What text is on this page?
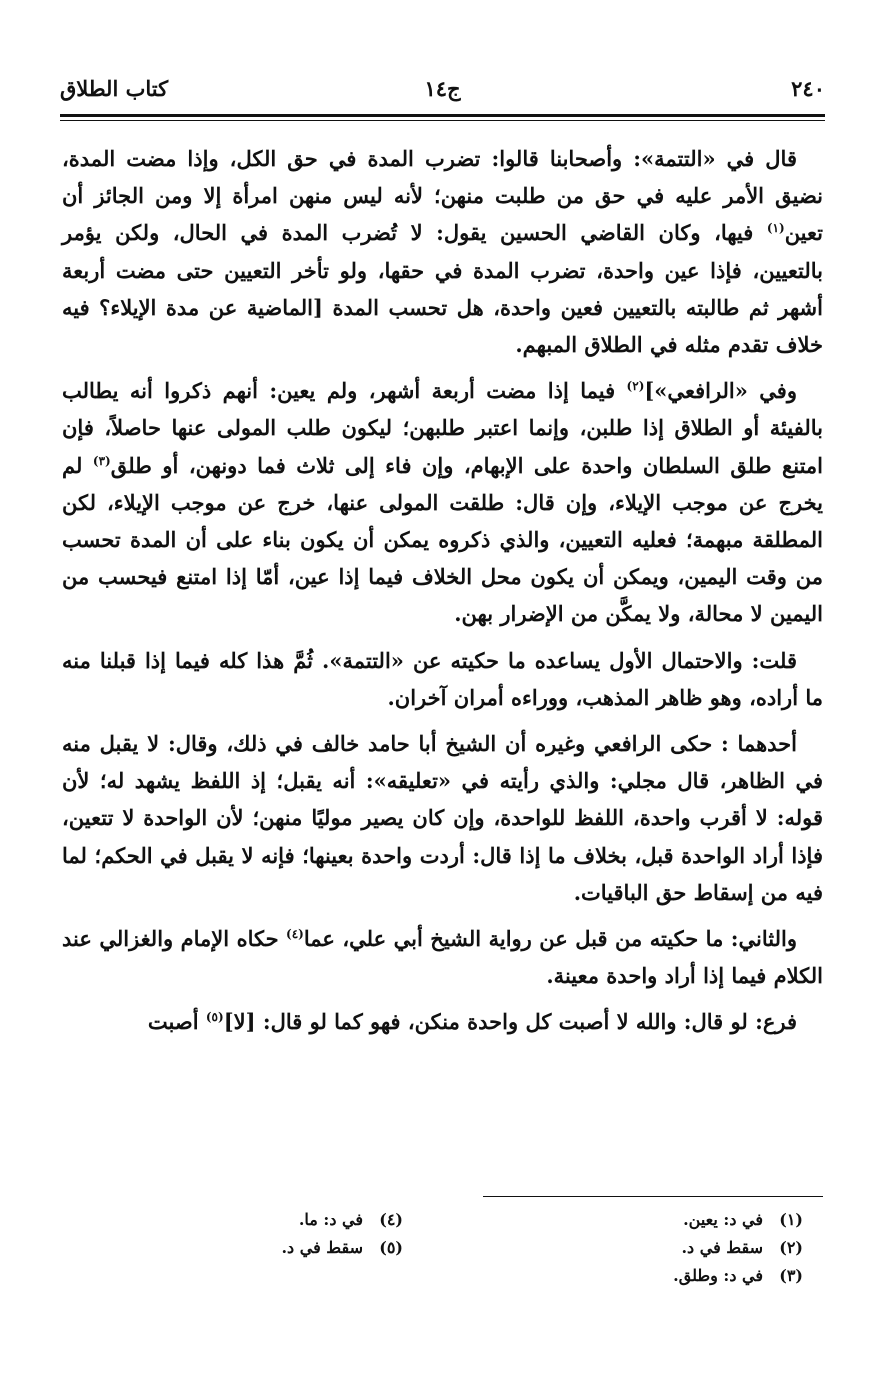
٢٤٠
ج١٤
كتاب الطلاق

قال في «التتمة»: وأصحابنا قالوا: تضرب المدة في حق الكل، وإذا مضت المدة، نضيق الأمر عليه في حق من طلبت منهن؛ لأنه ليس منهن امرأة إلا ومن الجائز أن تعين$^{(١)}$ فيها، وكان القاضي الحسين يقول: لا تُضرب المدة في الحال، ولكن يؤمر بالتعيين، فإذا عين واحدة، تضرب المدة في حقها، ولو تأخر التعيين حتى مضت أربعة أشهر ثم طالبته بالتعيين فعين واحدة، هل تحسب المدة [الماضية عن مدة الإيلاء؟ فيه خلاف تقدم مثله في الطلاق المبهم.

وفي «الرافعي»]$^{(٢)}$ فيما إذا مضت أربعة أشهر، ولم يعين: أنهم ذكروا أنه يطالب بالفيئة أو الطلاق إذا طلبن، وإنما اعتبر طلبهن؛ ليكون طلب المولى عنها حاصلاً، فإن امتنع طلق السلطان واحدة على الإبهام، وإن فاء إلى ثلاث فما دونهن، أو طلق$^{(٣)}$ لم يخرج عن موجب الإيلاء، وإن قال: طلقت المولى عنها، خرج عن موجب الإيلاء، لكن المطلقة مبهمة؛ فعليه التعيين، والذي ذكروه يمكن أن يكون بناء على أن المدة تحسب من وقت اليمين، ويمكن أن يكون محل الخلاف فيما إذا عين، أمّا إذا امتنع فيحسب من اليمين لا محالة، ولا يمكَّن من الإضرار بهن.

قلت: والاحتمال الأول يساعده ما حكيته عن «التتمة». ثُمَّ هذا كله فيما إذا قبلنا منه ما أراده، وهو ظاهر المذهب، ووراءه أمران آخران.

أحدهما : حكى الرافعي وغيره أن الشيخ أبا حامد خالف في ذلك، وقال: لا يقبل منه في الظاهر، قال مجلي: والذي رأيته في «تعليقه»: أنه يقبل؛ إذ اللفظ يشهد له؛ لأن قوله: لا أقرب واحدة، اللفظ للواحدة، وإن كان يصير موليًا منهن؛ لأن الواحدة لا تتعين، فإذا أراد الواحدة قبل، بخلاف ما إذا قال: أردت واحدة بعينها؛ فإنه لا يقبل في الحكم؛ لما فيه من إسقاط حق الباقيات.

والثاني: ما حكيته من قبل عن رواية الشيخ أبي علي، عما$^{(٤)}$ حكاه الإمام والغزالي عند الكلام فيما إذا أراد واحدة معينة.

فرع: لو قال: والله لا أصبت كل واحدة منكن، فهو كما لو قال: [لا]$^{(٥)}$ أصبت

(١)في د: يعين.
(٢)سقط في د.
(٣)في د: وطلق.
(٤)في د: ما.
(٥)سقط في د.
